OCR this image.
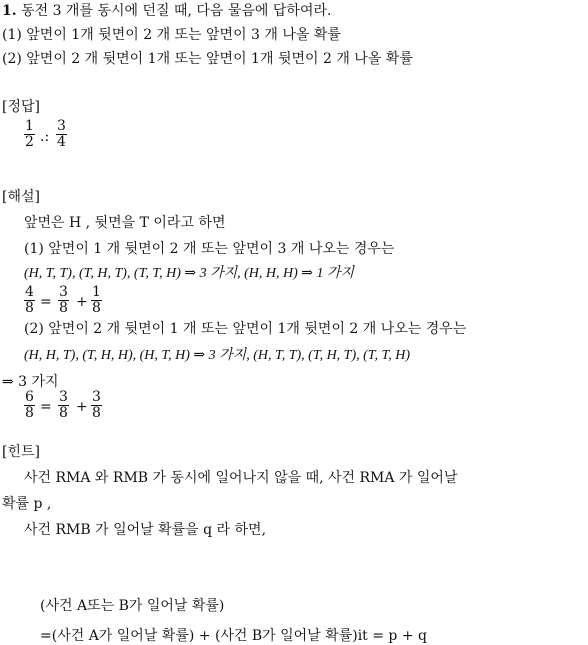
1. 동전 3 개를 동시에 던질 때, 다음 물음에 답하여라.
(1) 앞면이 1개 뒷면이 2 개 또는 앞면이 3 개 나올 확률
(2) 앞면이 2 개 뒷면이 1개 또는 앞면이 1개 뒷면이 2 개 나올 확률
[정답]
1
2 .:
3
4
[해설]
앞면은 H , 뒷면을 T 이라고 하면
(1) 앞면이 1 개 뒷면이 2 개 또는 앞면이 3 개 나오는 경우는
(H, T, T), (T, H, T), (T, T, H) ⇒ 3 가지, (H, H, H) ⇒ 1 가지
4
8 =
3
8 +
1
8
(2) 앞면이 2 개 뒷면이 1 개 또는 앞면이 1개 뒷면이 2 개 나오는 경우는
(H, H, T), (T, H, H), (H, T, H) ⇒ 3 가지, (H, T, T), (T, H, T), (T, T, H)
⇒ 3 가지
6
8 =
3
8 +
3
8
[힌트]
사건 RMA 와 RMB 가 동시에 일어나지 않을 때, 사건 RMA 가 일어날
확률 p ,
사건 RMB 가 일어날 확률을 q 라 하면,
(사건 A또는 B가 일어날 확률)
=(사건 A가 일어날 확률) + (사건 B가 일어날 확률)it = p + q
